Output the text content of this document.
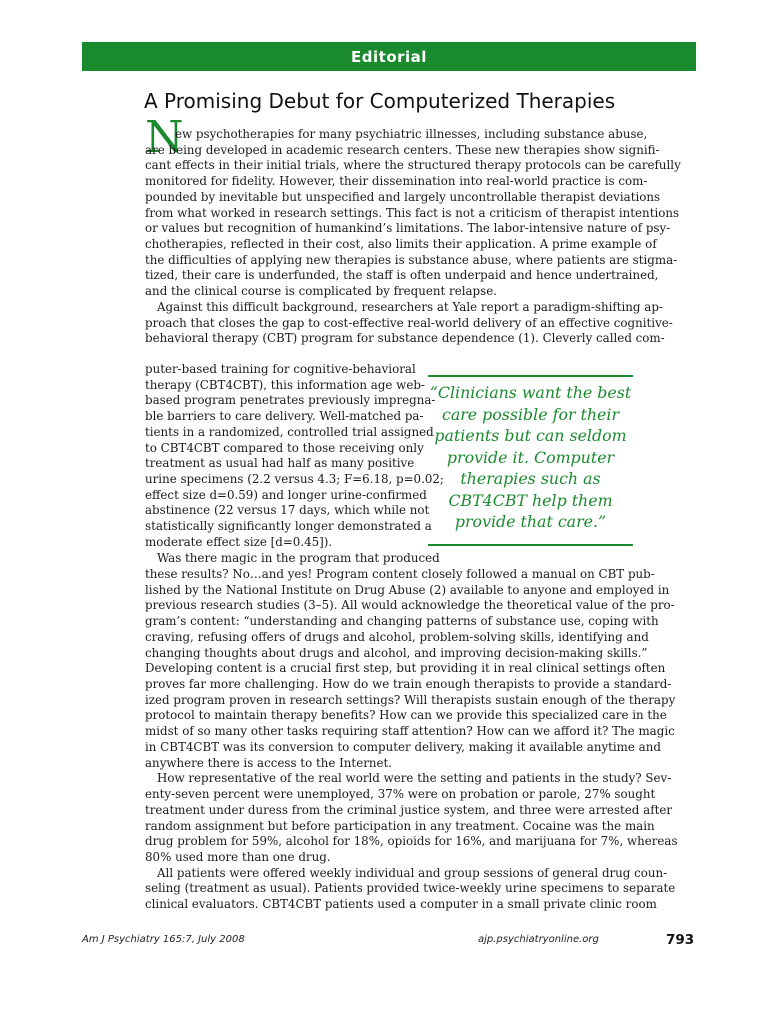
Editorial
A Promising Debut for Computerized Therapies
N
ew psychotherapies for many psychiatric illnesses, including substance abuse,
are being developed in academic research centers. These new therapies show signifi-
cant effects in their initial trials, where the structured therapy protocols can be carefully
monitored for fidelity. However, their dissemination into real-world practice is com-
pounded by inevitable but unspecified and largely uncontrollable therapist deviations
from what worked in research settings. This fact is not a criticism of therapist intentions
or values but recognition of humankind’s limitations. The labor-intensive nature of psy-
chotherapies, reflected in their cost, also limits their application. A prime example of
the difficulties of applying new therapies is substance abuse, where patients are stigma-
tized, their care is underfunded, the staff is often underpaid and hence undertrained,
and the clinical course is complicated by frequent relapse.
Against this difficult background, researchers at Yale report a paradigm-shifting ap-
proach that closes the gap to cost-effective real-world delivery of an effective cognitive-
behavioral therapy (CBT) program for substance dependence (1). Cleverly called com-
puter-based training for cognitive-behavioral
therapy (CBT4CBT), this information age web-
based program penetrates previously impregna-
ble barriers to care delivery. Well-matched pa-
tients in a randomized, controlled trial assigned
to CBT4CBT compared to those receiving only
treatment as usual had half as many positive
urine specimens (2.2 versus 4.3; F=6.18, p=0.02;
effect size d=0.59) and longer urine-confirmed
abstinence (22 versus 17 days, which while not
statistically significantly longer demonstrated a
moderate effect size [d=0.45]).
Was there magic in the program that produced
these results? No…and yes! Program content closely followed a manual on CBT pub-
lished by the National Institute on Drug Abuse (2) available to anyone and employed in
previous research studies (3–5). All would acknowledge the theoretical value of the pro-
gram’s content: “understanding and changing patterns of substance use, coping with
craving, refusing offers of drugs and alcohol, problem-solving skills, identifying and
changing thoughts about drugs and alcohol, and improving decision-making skills.”
Developing content is a crucial first step, but providing it in real clinical settings often
proves far more challenging. How do we train enough therapists to provide a standard-
ized program proven in research settings? Will therapists sustain enough of the therapy
protocol to maintain therapy benefits? How can we provide this specialized care in the
midst of so many other tasks requiring staff attention? How can we afford it? The magic
in CBT4CBT was its conversion to computer delivery, making it available anytime and
anywhere there is access to the Internet.
How representative of the real world were the setting and patients in the study? Sev-
enty-seven percent were unemployed, 37% were on probation or parole, 27% sought
treatment under duress from the criminal justice system, and three were arrested after
random assignment but before participation in any treatment. Cocaine was the main
drug problem for 59%, alcohol for 18%, opioids for 16%, and marijuana for 7%, whereas
80% used more than one drug.
All patients were offered weekly individual and group sessions of general drug coun-
seling (treatment as usual). Patients provided twice-weekly urine specimens to separate
clinical evaluators. CBT4CBT patients used a computer in a small private clinic room
“Clinicians want the best
care possible for their
patients but can seldom
provide it. Computer
therapies such as
CBT4CBT help them
provide that care.”
Am J Psychiatry 165:7, July 2008	ajp.psychiatryonline.org	793
